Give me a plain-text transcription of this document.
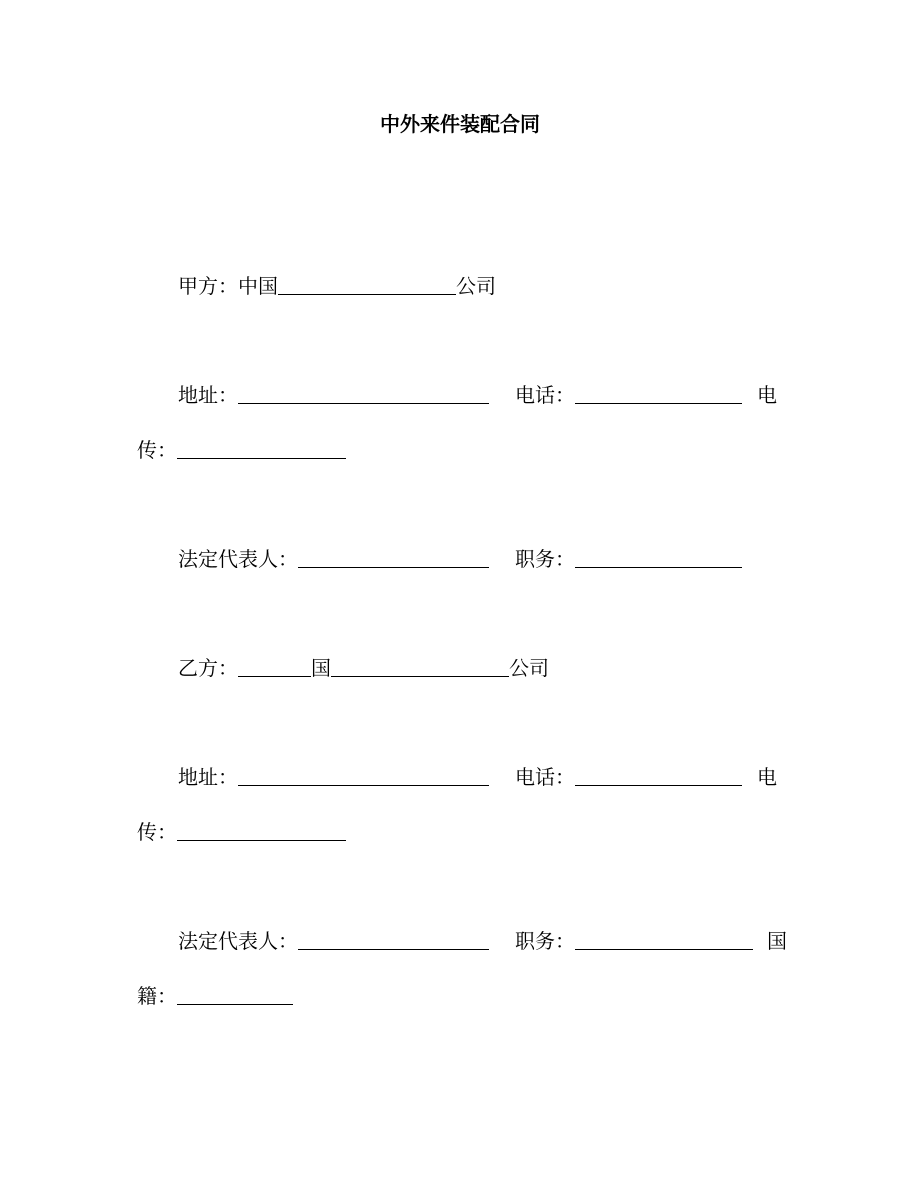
中外来件装配合同
甲方：中国	公司
地址：	电话：	电
传：
法定代表人：	职务：
乙方：	国	公司
地址：	电话：	电
传：
法定代表人：	职务：	国
籍：
